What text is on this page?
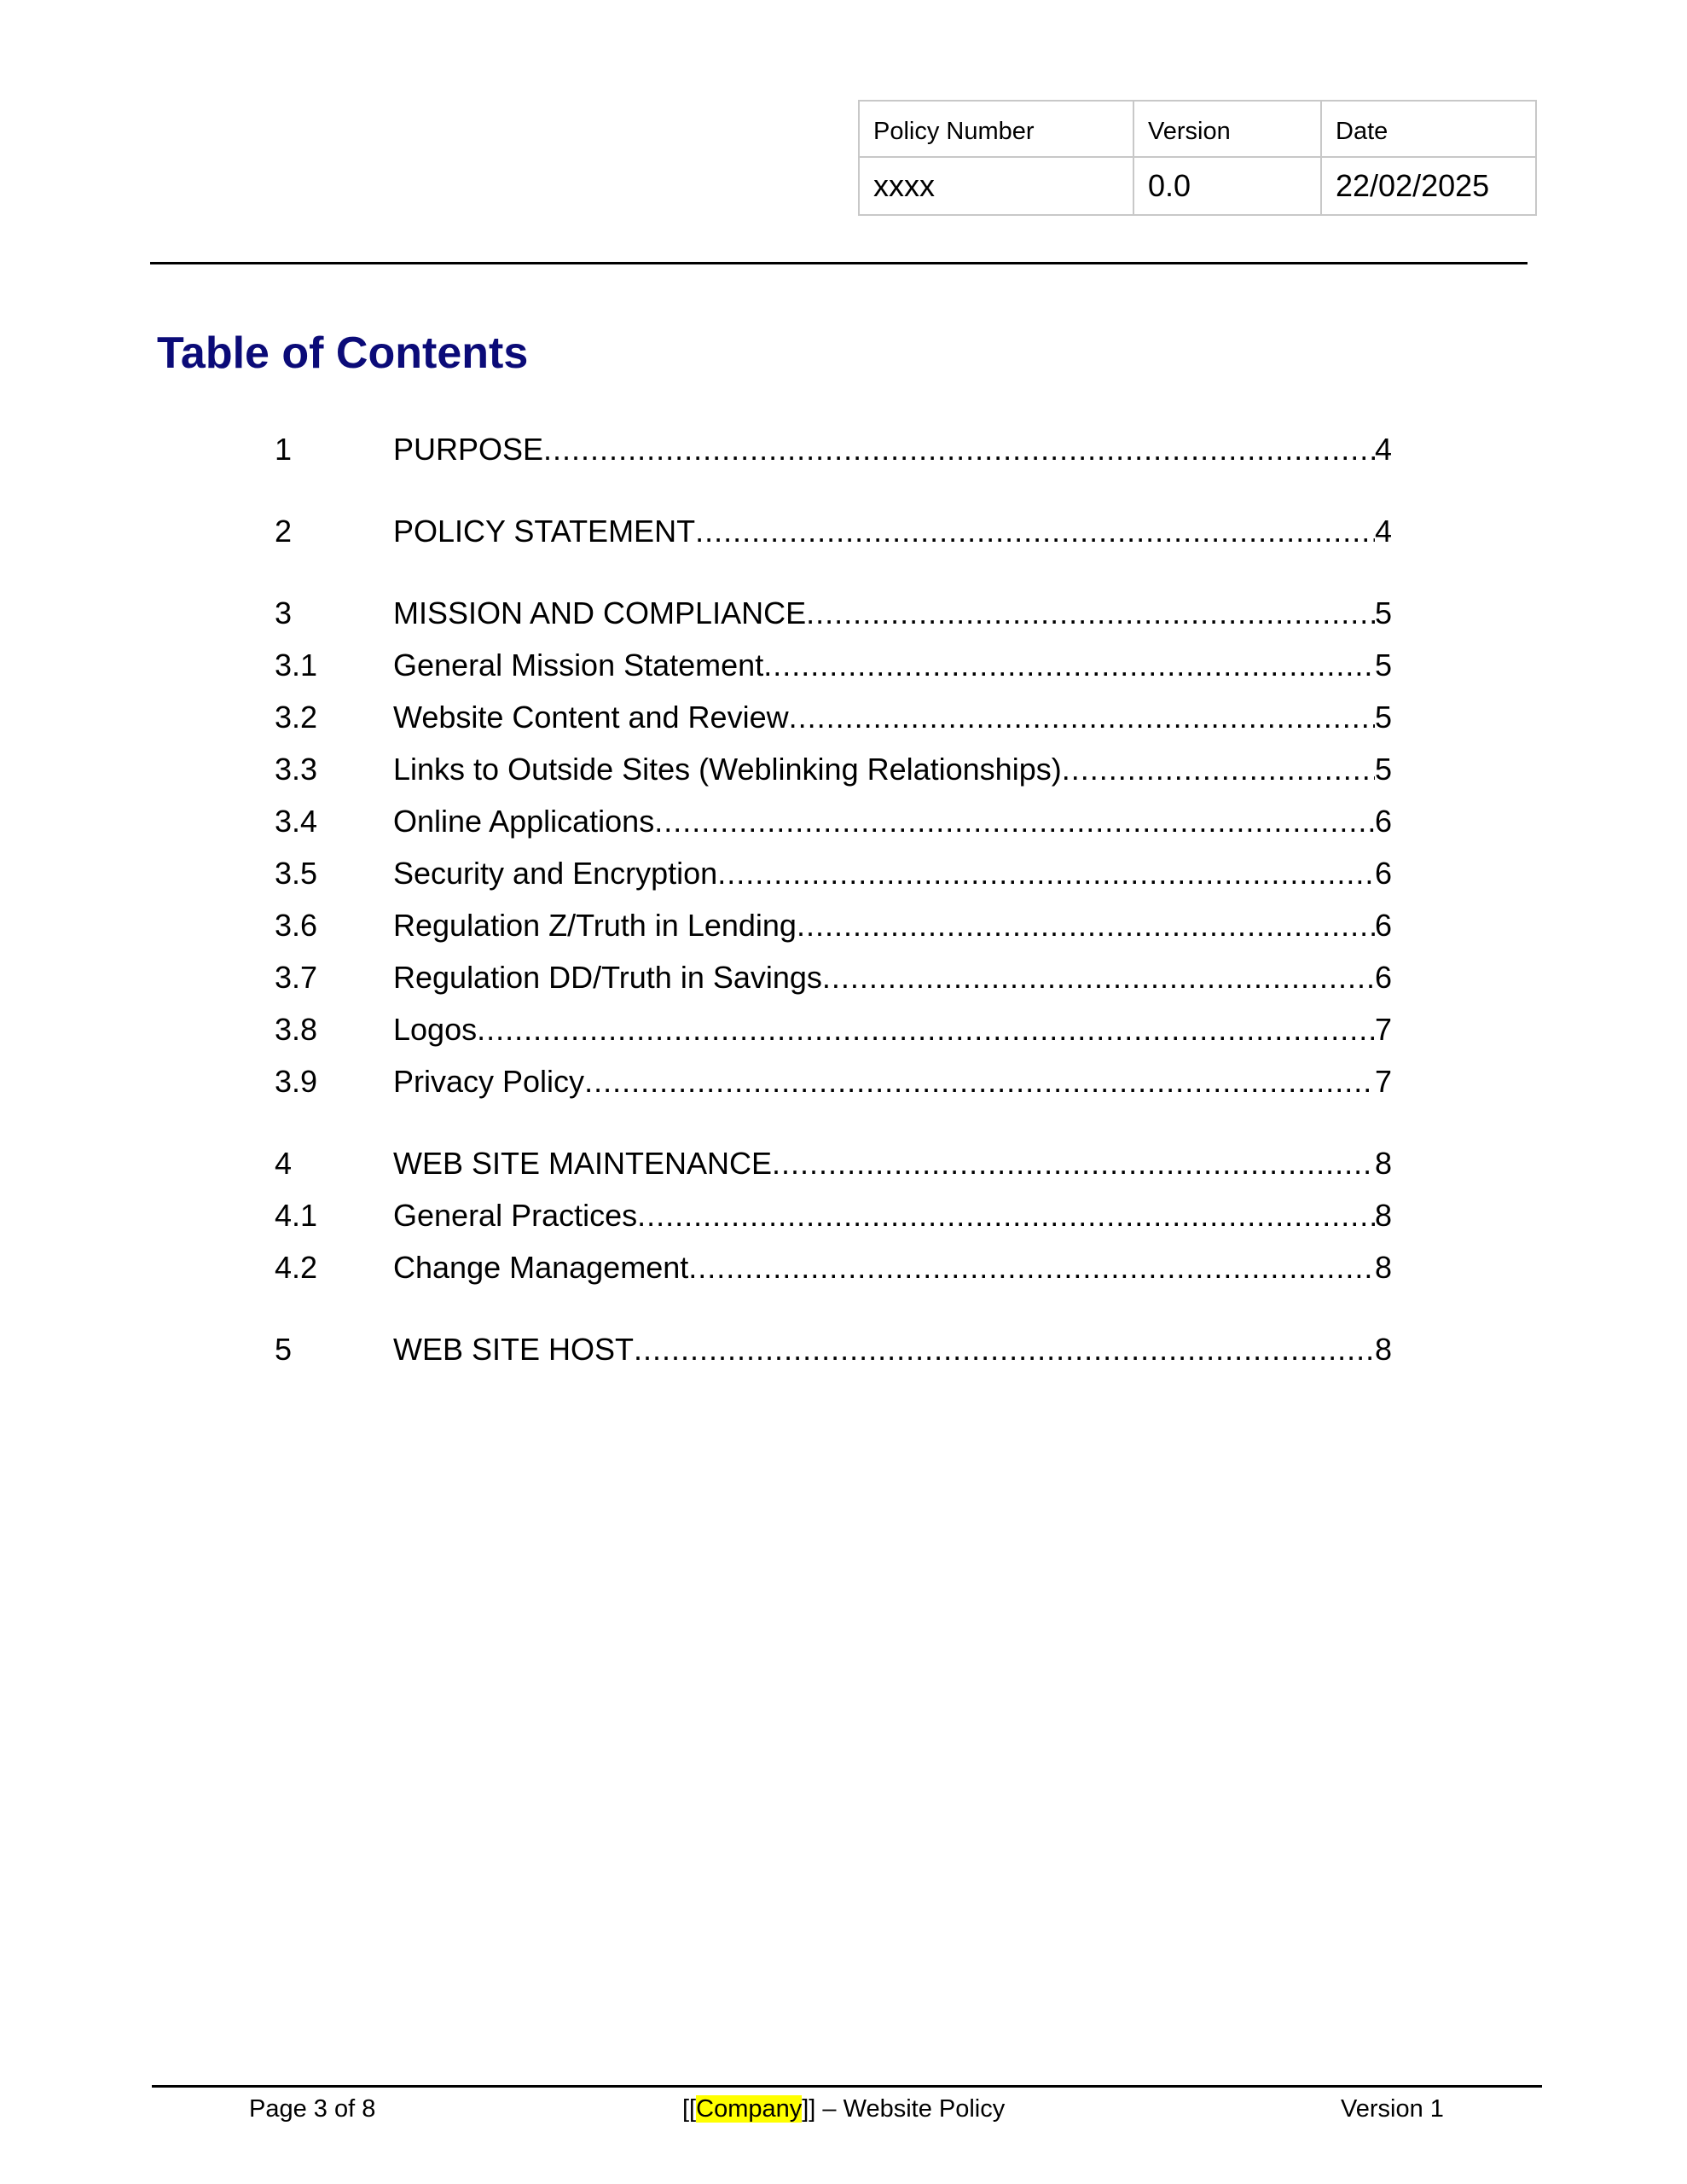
Policy Number	Version	Date
xxxx	0.0	22/02/2025
Table of Contents
1	PURPOSE .....	4
2	POLICY STATEMENT .....	4
3	MISSION AND COMPLIANCE .....	5
3.1 General Mission Statement .....	5
3.2 Website Content and Review .....	5
3.3 Links to Outside Sites (Weblinking Relationships) .....	5
3.4 Online Applications .....	6
3.5 Security and Encryption .....	6
3.6 Regulation Z/Truth in Lending .....	6
3.7 Regulation DD/Truth in Savings .....	6
3.8 Logos .....	7
3.9 Privacy Policy .....	7
4	WEB SITE MAINTENANCE .....	8
4.1 General Practices .....	8
4.2 Change Management .....	8
5	WEB SITE HOST .....	8
Page 3 of 8	[[Company]] – Website Policy	Version 1
